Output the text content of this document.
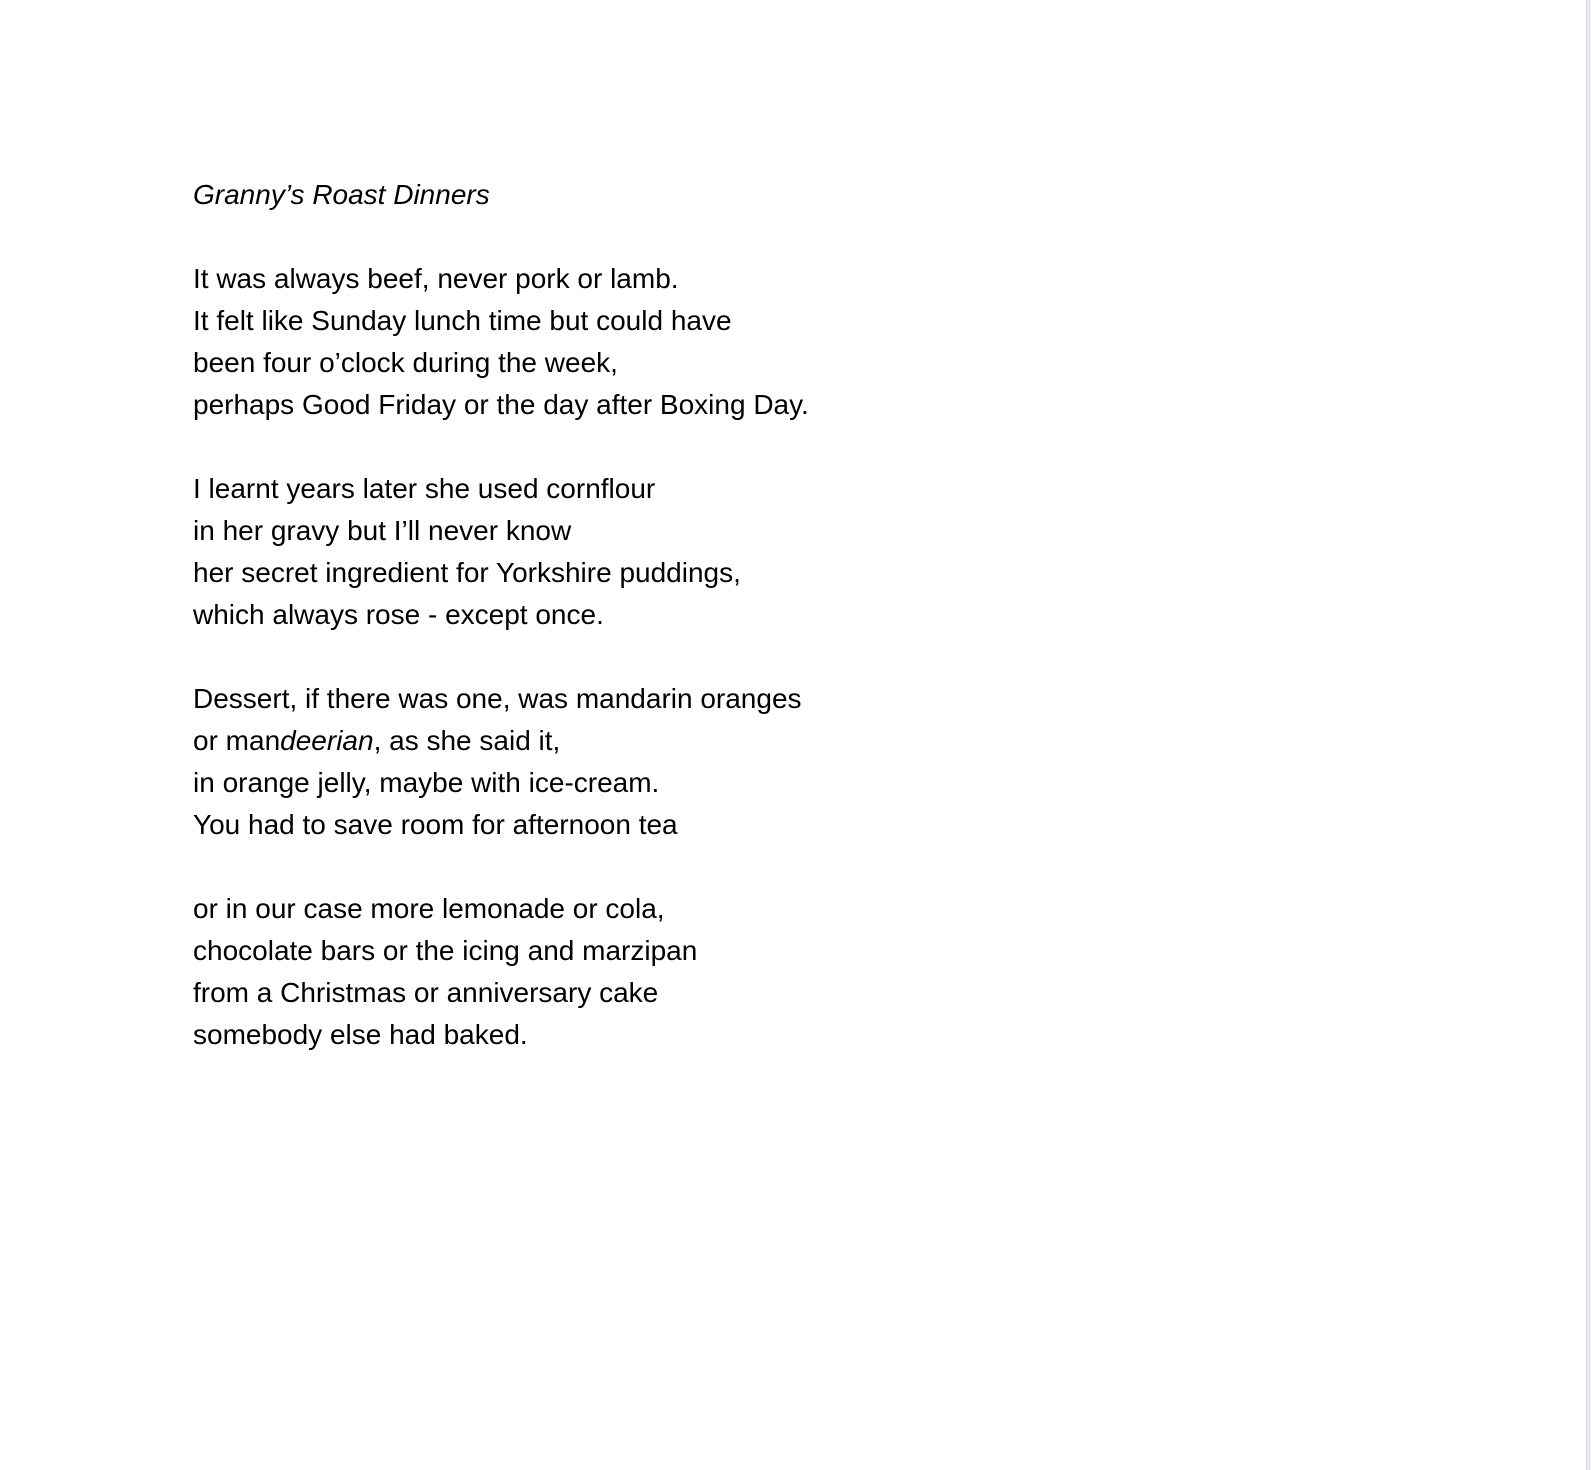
Granny’s Roast Dinners

It was always beef, never pork or lamb.
It felt like Sunday lunch time but could have
been four o’clock during the week,
perhaps Good Friday or the day after Boxing Day.

I learnt years later she used cornflour
in her gravy but I’ll never know
her secret ingredient for Yorkshire puddings,
which always rose - except once.

Dessert, if there was one, was mandarin oranges
or mandeerian, as she said it,
in orange jelly, maybe with ice-cream.
You had to save room for afternoon tea

or in our case more lemonade or cola,
chocolate bars or the icing and marzipan
from a Christmas or anniversary cake
somebody else had baked.
